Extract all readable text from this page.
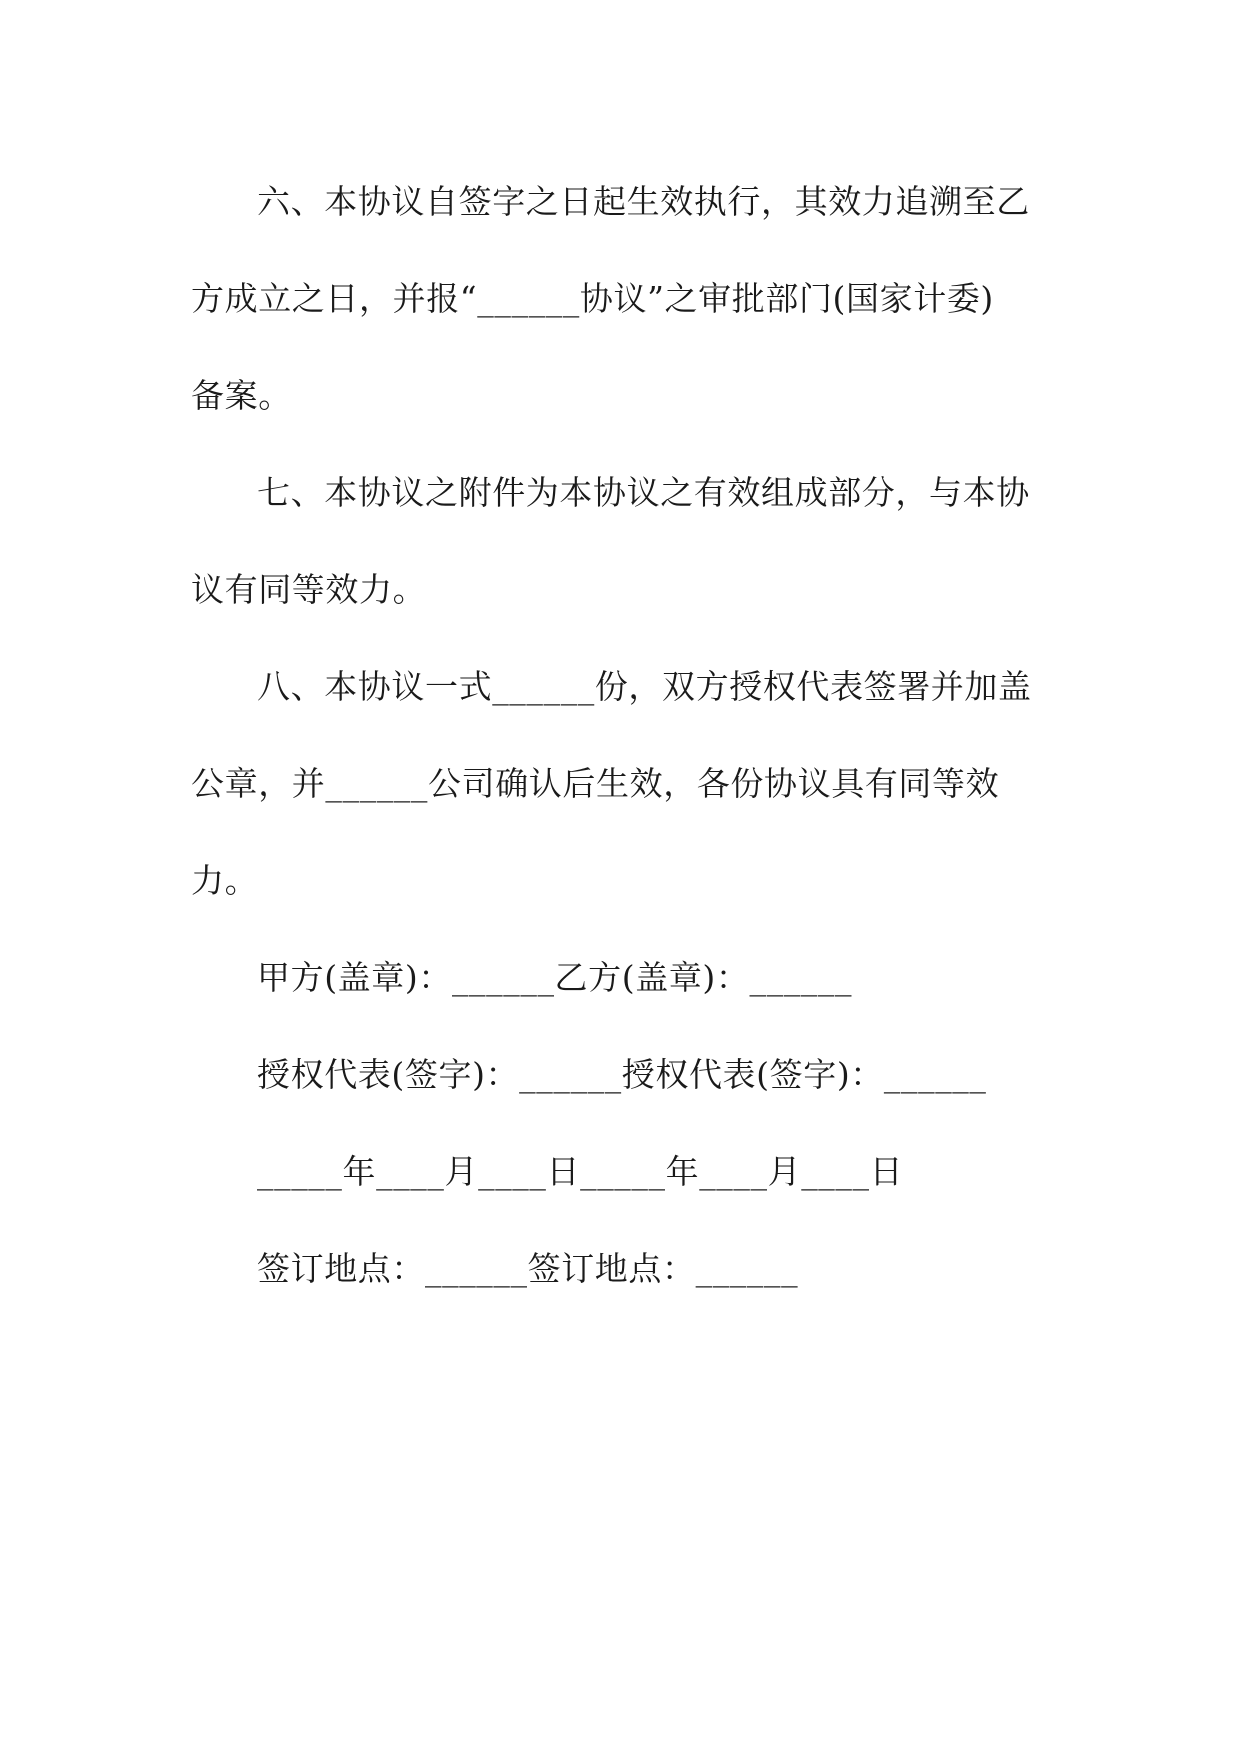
六、本协议自签字之日起生效执行，其效力追溯至乙
方成立之日，并报“______协议”之审批部门(国家计委)
备案。
七、本协议之附件为本协议之有效组成部分，与本协
议有同等效力。
八、本协议一式______份，双方授权代表签署并加盖
公章，并______公司确认后生效，各份协议具有同等效
力。
甲方(盖章)：______乙方(盖章)：______
授权代表(签字)：______授权代表(签字)：______
_____年____月____日_____年____月____日
签订地点：______签订地点：______
